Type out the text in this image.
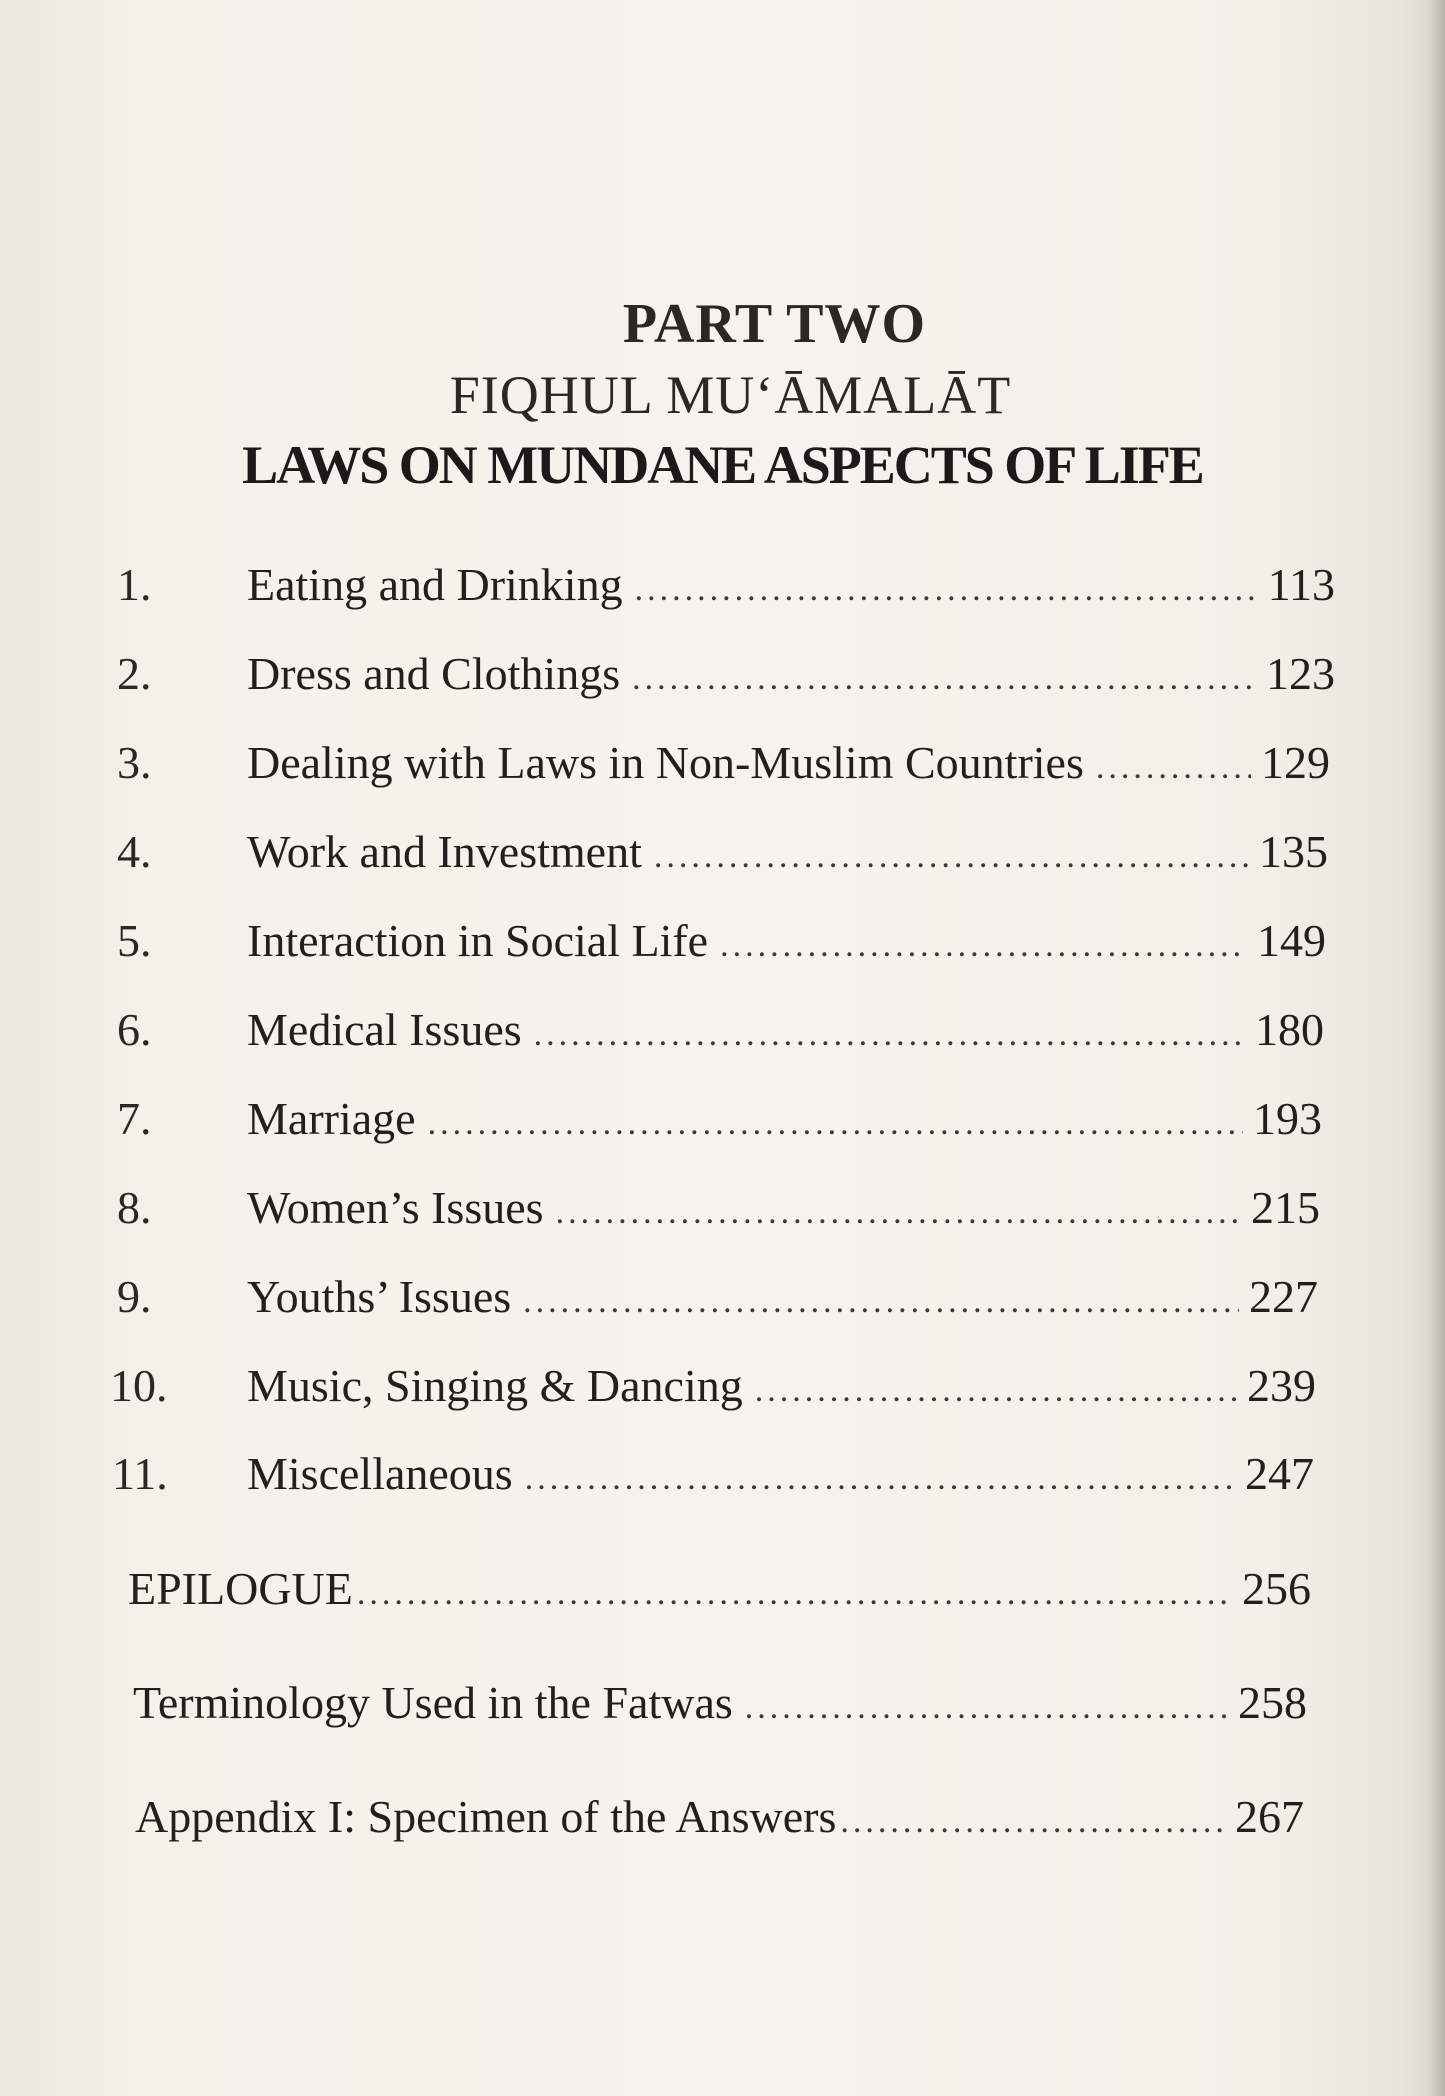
PART TWO
FIQHUL MU‘ĀMALĀT
LAWS ON MUNDANE ASPECTS OF LIFE
1.	Eating and Drinking .....	113
2.	Dress and Clothings .....	123
3.	Dealing with Laws in Non-Muslim Countries .....	129
4.	Work and Investment .....	135
5.	Interaction in Social Life .....	149
6.	Medical Issues .....	180
7.	Marriage .....	193
8.	Women’s Issues .....	215
9.	Youths’ Issues .....	227
10.	Music, Singing & Dancing .....	239
11.	Miscellaneous .....	247
EPILOGUE .....	256
Terminology Used in the Fatwas .....	258
Appendix I: Specimen of the Answers .....	267
